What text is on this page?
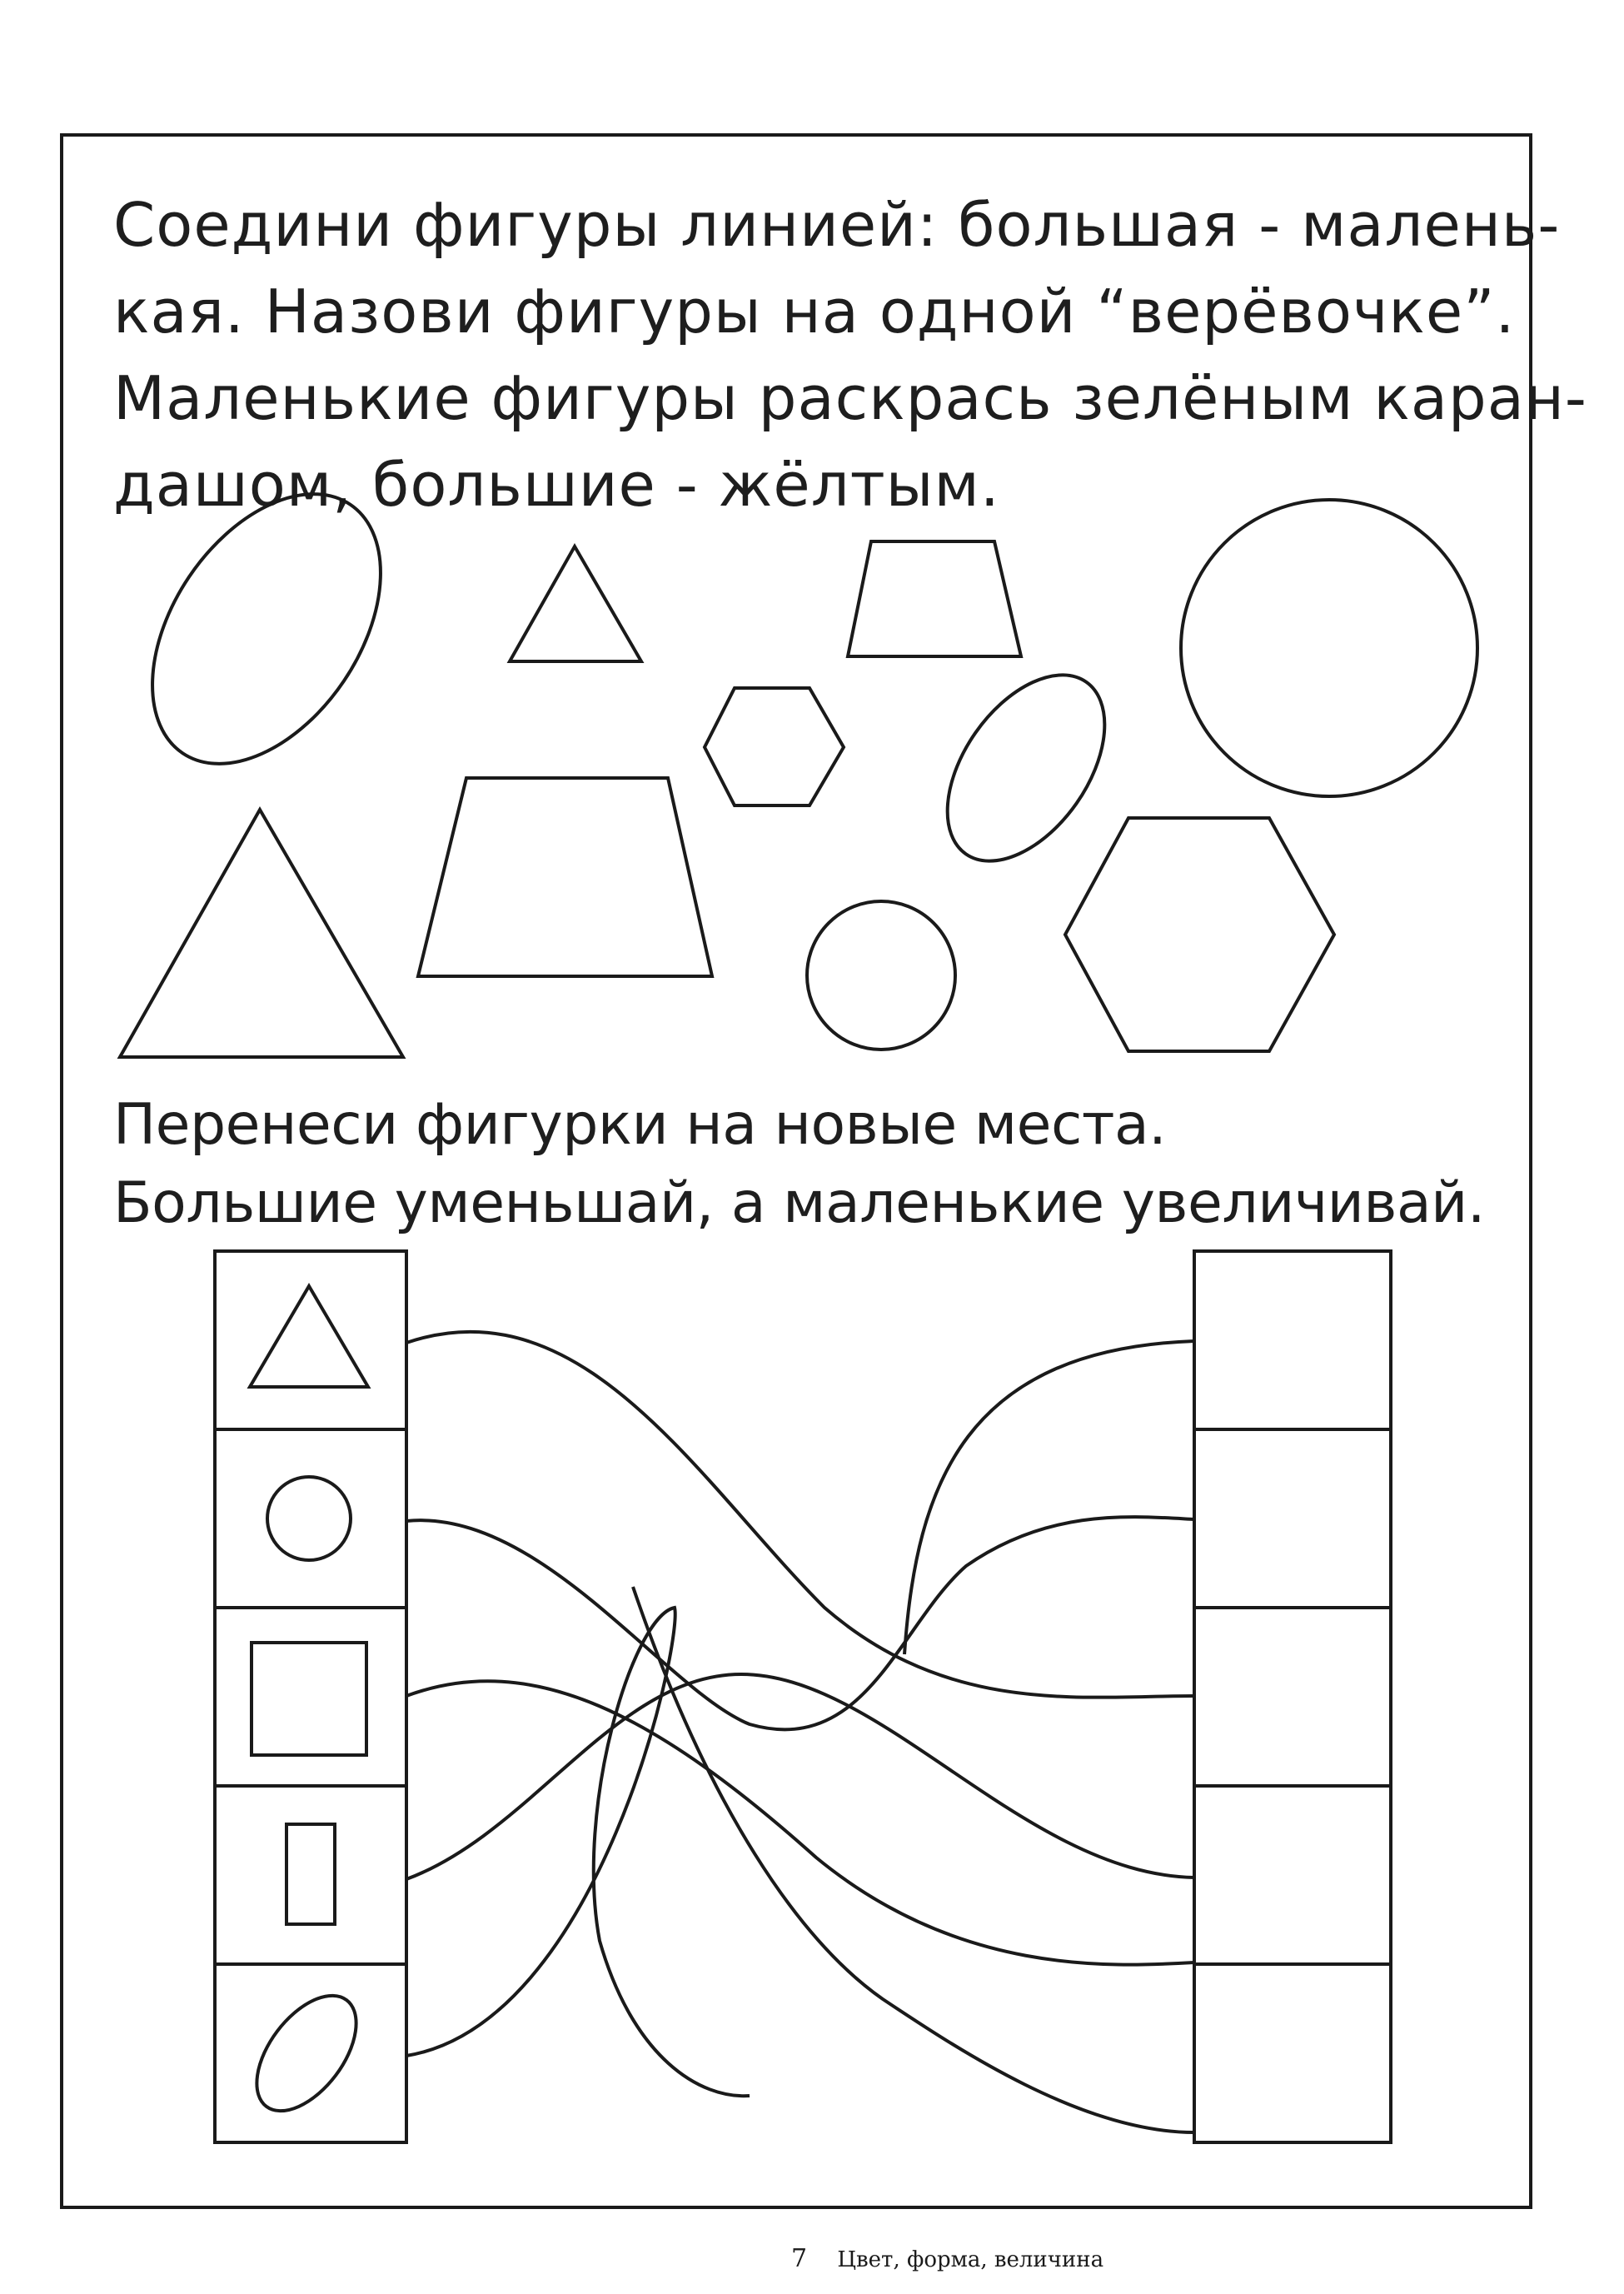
Соедини фигуры линией: большая - малень-
кая. Назови фигуры на одной “верёвочке”.
Маленькие фигуры раскрась зелёным каран-
дашом, большие - жёлтым.
Перенеси фигурки на новые места.
Большие уменьшай, а маленькие увеличивай.
7 Цвет, форма, величина
